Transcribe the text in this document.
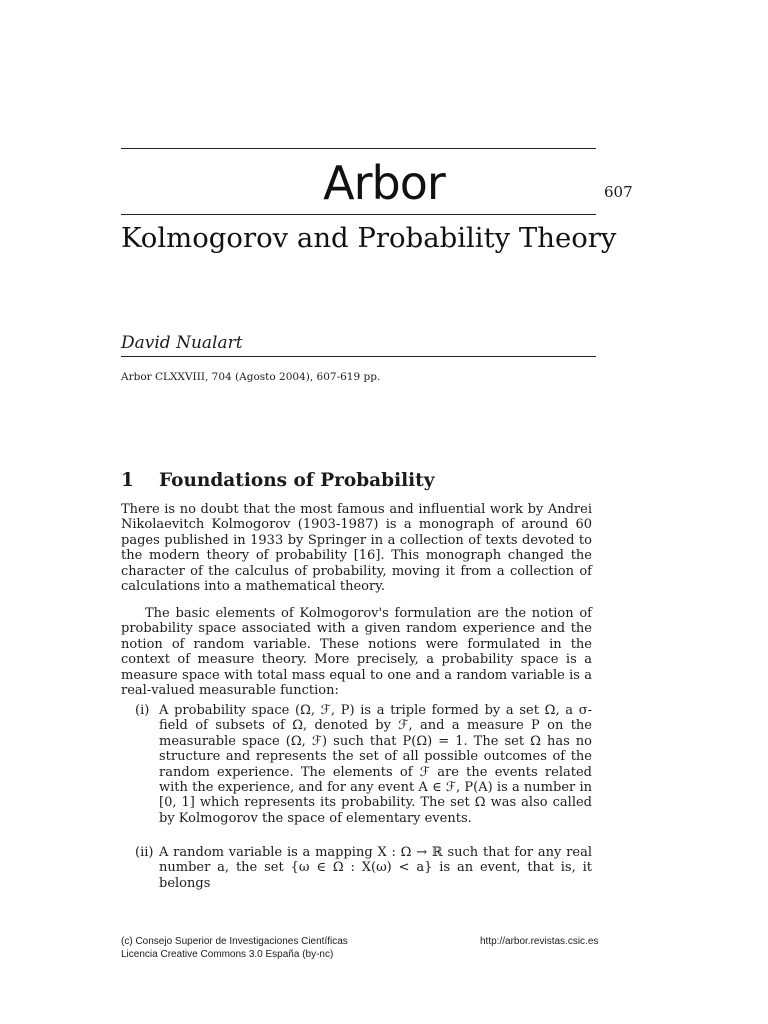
Arbor	607
Kolmogorov and Probability Theory
David Nualart
Arbor CLXXVIII, 704 (Agosto 2004), 607-619 pp.
1 Foundations of Probability
There is no doubt that the most famous and influential work by Andrei Nikolaevitch Kolmogorov (1903-1987) is a monograph of around 60 pages published in 1933 by Springer in a collection of texts devoted to the modern theory of probability [16]. This monograph changed the character of the calculus of probability, moving it from a collection of calculations into a mathematical theory.
The basic elements of Kolmogorov's formulation are the notion of probability space associated with a given random experience and the notion of random variable. These notions were formulated in the context of measure theory. More precisely, a probability space is a measure space with total mass equal to one and a random variable is a real-valued measurable function:
(i) A probability space (Ω, ℱ, P) is a triple formed by a set Ω, a σ-field of subsets of Ω, denoted by ℱ, and a measure P on the measurable space (Ω, ℱ) such that P(Ω) = 1. The set Ω has no structure and represents the set of all possible outcomes of the random experience. The elements of ℱ are the events related with the experience, and for any event A ∈ ℱ, P(A) is a number in [0, 1] which represents its probability. The set Ω was also called by Kolmogorov the space of elementary events.
(ii) A random variable is a mapping X : Ω → ℝ such that for any real number a, the set {ω ∈ Ω : X(ω) < a} is an event, that is, it belongs
(c) Consejo Superior de Investigaciones Científicas
Licencia Creative Commons 3.0 España (by-nc)
http://arbor.revistas.csic.es
